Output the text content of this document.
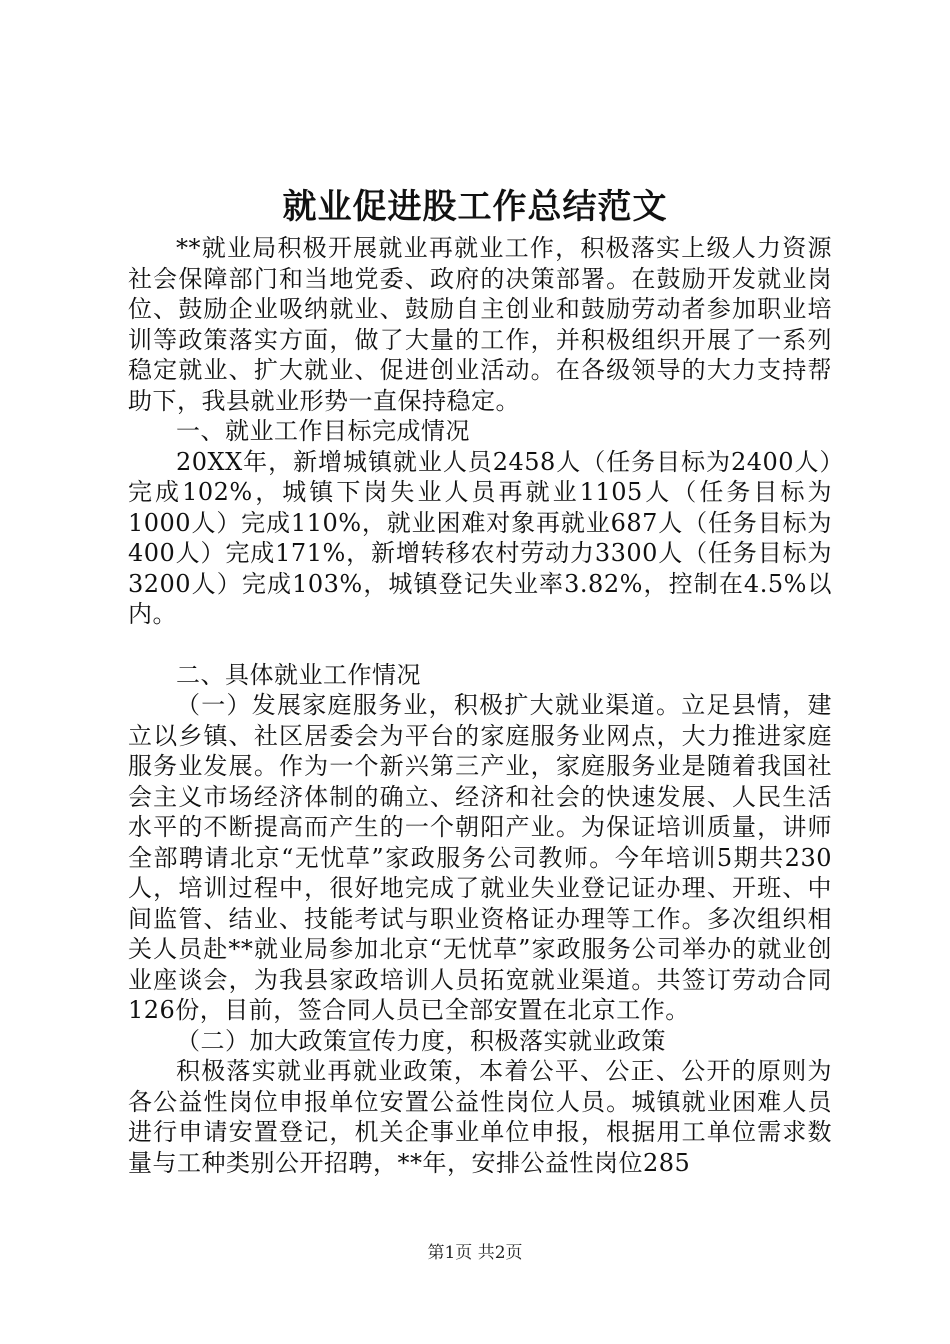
就业促进股工作总结范文

**就业局积极开展就业再就业工作，积极落实上级人力资源社会保障部门和当地党委、政府的决策部署。在鼓励开发就业岗位、鼓励企业吸纳就业、鼓励自主创业和鼓励劳动者参加职业培训等政策落实方面，做了大量的工作，并积极组织开展了一系列稳定就业、扩大就业、促进创业活动。在各级领导的大力支持帮助下，我县就业形势一直保持稳定。

一、就业工作目标完成情况

20XX年，新增城镇就业人员2458人（任务目标为2400人）完成102%，城镇下岗失业人员再就业1105人（任务目标为1000人）完成110%，就业困难对象再就业687人（任务目标为400人）完成171%，新增转移农村劳动力3300人（任务目标为3200人）完成103%，城镇登记失业率3.82%，控制在4.5%以内。

二、具体就业工作情况

（一）发展家庭服务业，积极扩大就业渠道。立足县情，建立以乡镇、社区居委会为平台的家庭服务业网点，大力推进家庭服务业发展。作为一个新兴第三产业，家庭服务业是随着我国社会主义市场经济体制的确立、经济和社会的快速发展、人民生活水平的不断提高而产生的一个朝阳产业。为保证培训质量，讲师全部聘请北京“无忧草”家政服务公司教师。今年培训5期共230人，培训过程中，很好地完成了就业失业登记证办理、开班、中间监管、结业、技能考试与职业资格证办理等工作。多次组织相关人员赴**就业局参加北京“无忧草”家政服务公司举办的就业创业座谈会，为我县家政培训人员拓宽就业渠道。共签订劳动合同126份，目前，签合同人员已全部安置在北京工作。

（二）加大政策宣传力度，积极落实就业政策

积极落实就业再就业政策，本着公平、公正、公开的原则为各公益性岗位申报单位安置公益性岗位人员。城镇就业困难人员进行申请安置登记，机关企事业单位申报，根据用工单位需求数量与工种类别公开招聘，**年，安排公益性岗位285

第1页 共2页
